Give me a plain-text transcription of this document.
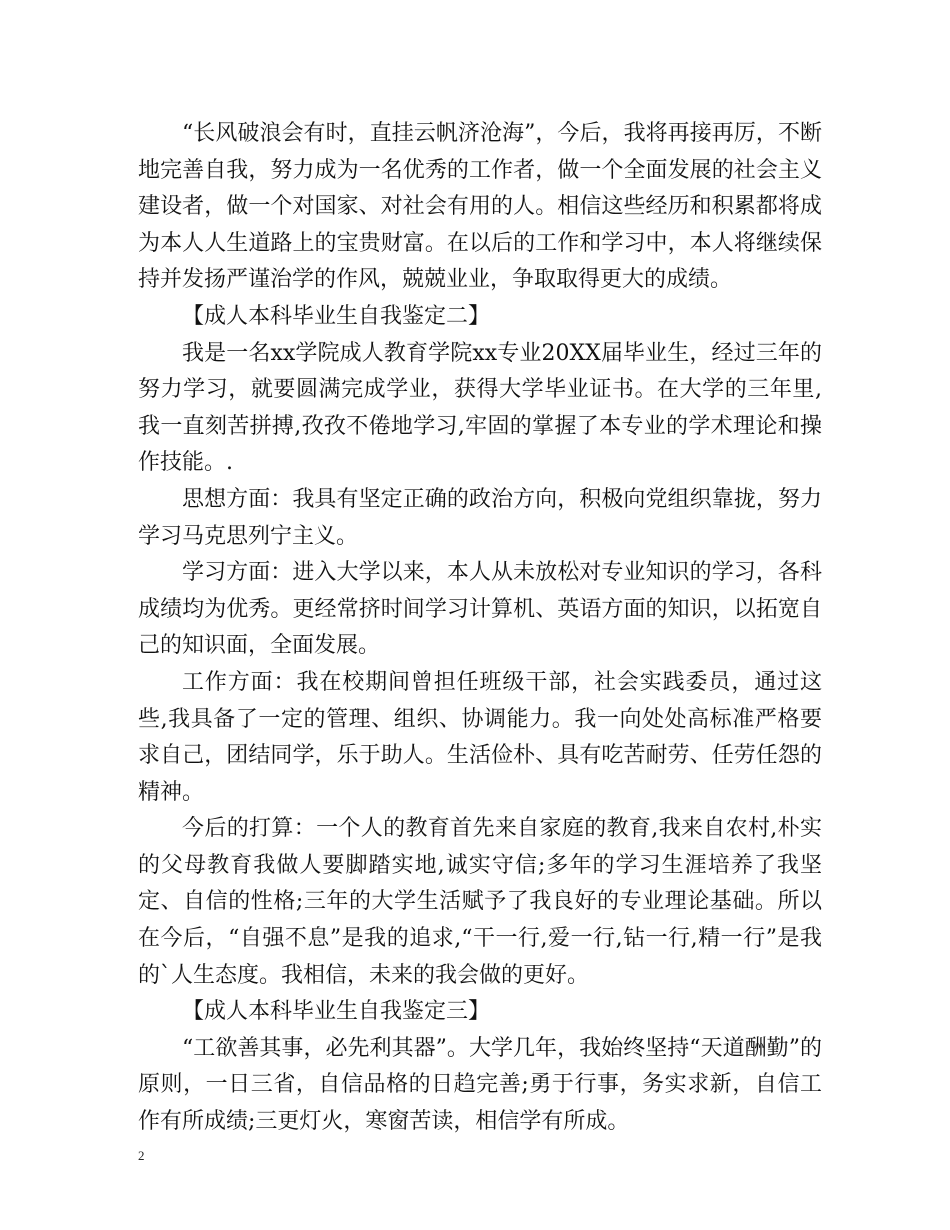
“长风破浪会有时，直挂云帆济沧海”，今后，我将再接再厉，不断地完善自我，努力成为一名优秀的工作者，做一个全面发展的社会主义建设者，做一个对国家、对社会有用的人。相信这些经历和积累都将成为本人人生道路上的宝贵财富。在以后的工作和学习中，本人将继续保持并发扬严谨治学的作风，兢兢业业，争取取得更大的成绩。

【成人本科毕业生自我鉴定二】

我是一名xx学院成人教育学院xx专业20XX届毕业生，经过三年的努力学习，就要圆满完成学业，获得大学毕业证书。在大学的三年里,我一直刻苦拼搏,孜孜不倦地学习,牢固的掌握了本专业的学术理论和操作技能。.

思想方面：我具有坚定正确的政治方向，积极向党组织靠拢，努力学习马克思列宁主义。

学习方面：进入大学以来，本人从未放松对专业知识的学习，各科成绩均为优秀。更经常挤时间学习计算机、英语方面的知识，以拓宽自己的知识面，全面发展。

工作方面：我在校期间曾担任班级干部，社会实践委员，通过这些,我具备了一定的管理、组织、协调能力。我一向处处高标准严格要求自己，团结同学，乐于助人。生活俭朴、具有吃苦耐劳、任劳任怨的精神。

今后的打算：一个人的教育首先来自家庭的教育,我来自农村,朴实的父母教育我做人要脚踏实地,诚实守信;多年的学习生涯培养了我坚定、自信的性格;三年的大学生活赋予了我良好的专业理论基础。所以在今后，“自强不息”是我的追求,“干一行,爱一行,钻一行,精一行”是我的`人生态度。我相信，未来的我会做的更好。

【成人本科毕业生自我鉴定三】

“工欲善其事，必先利其器”。大学几年，我始终坚持“天道酬勤”的原则，一日三省，自信品格的日趋完善;勇于行事，务实求新，自信工作有所成绩;三更灯火，寒窗苦读，相信学有所成。

2
